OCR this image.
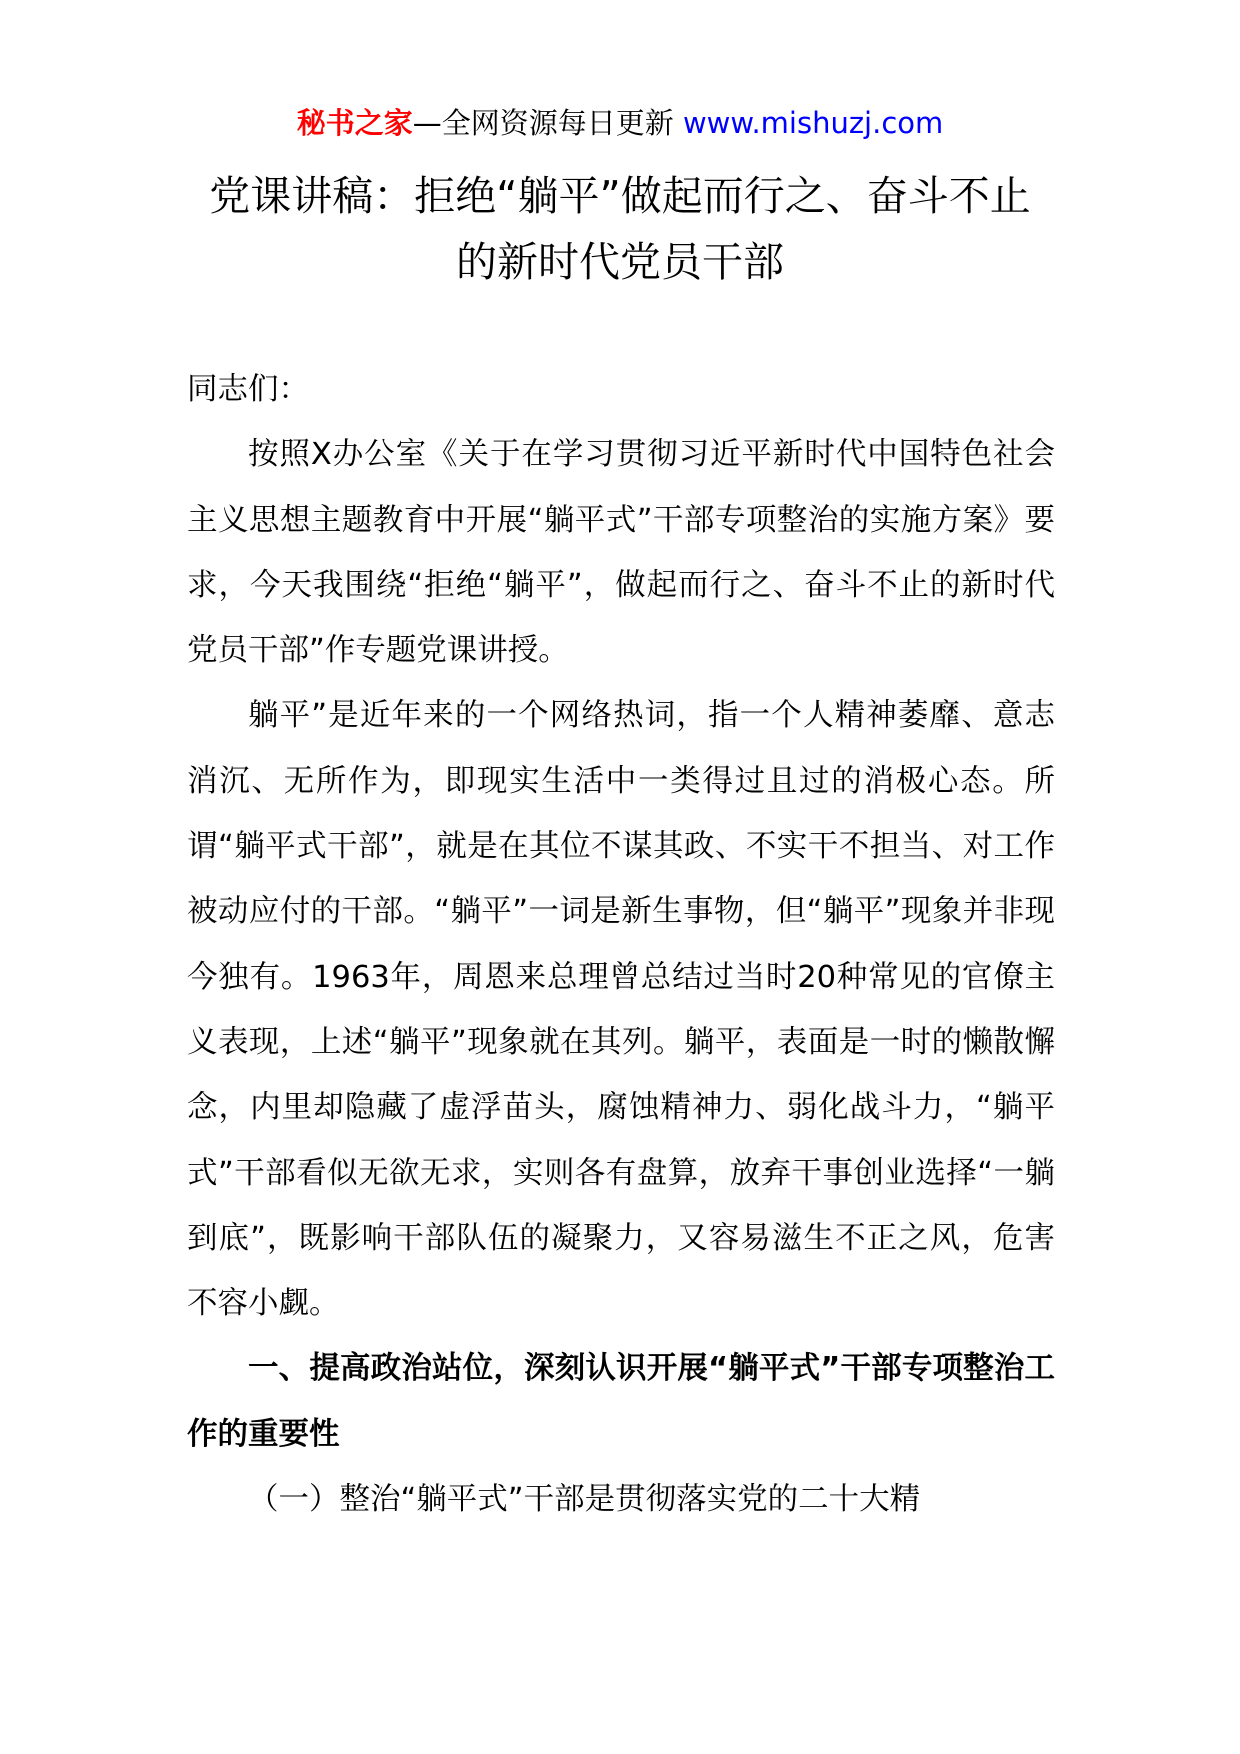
秘书之家—全网资源每日更新 www.mishuzj.com
党课讲稿：拒绝“躺平”做起而行之、奋斗不止的新时代党员干部

同志们：

按照X办公室《关于在学习贯彻习近平新时代中国特色社会主义思想主题教育中开展“躺平式”干部专项整治的实施方案》要求，今天我围绕“拒绝“躺平”，做起而行之、奋斗不止的新时代党员干部”作专题党课讲授。

躺平”是近年来的一个网络热词，指一个人精神萎靡、意志消沉、无所作为，即现实生活中一类得过且过的消极心态。所谓“躺平式干部”，就是在其位不谋其政、不实干不担当、对工作被动应付的干部。“躺平”一词是新生事物，但“躺平”现象并非现今独有。1963年，周恩来总理曾总结过当时20种常见的官僚主义表现，上述“躺平”现象就在其列。躺平，表面是一时的懒散懈念，内里却隐藏了虚浮苗头，腐蚀精神力、弱化战斗力，“躺平式”干部看似无欲无求，实则各有盘算，放弃干事创业选择“一躺到底”，既影响干部队伍的凝聚力，又容易滋生不正之风，危害不容小觑。

一、提高政治站位，深刻认识开展“躺平式”干部专项整治工作的重要性

（一）整治“躺平式”干部是贯彻落实党的二十大精
